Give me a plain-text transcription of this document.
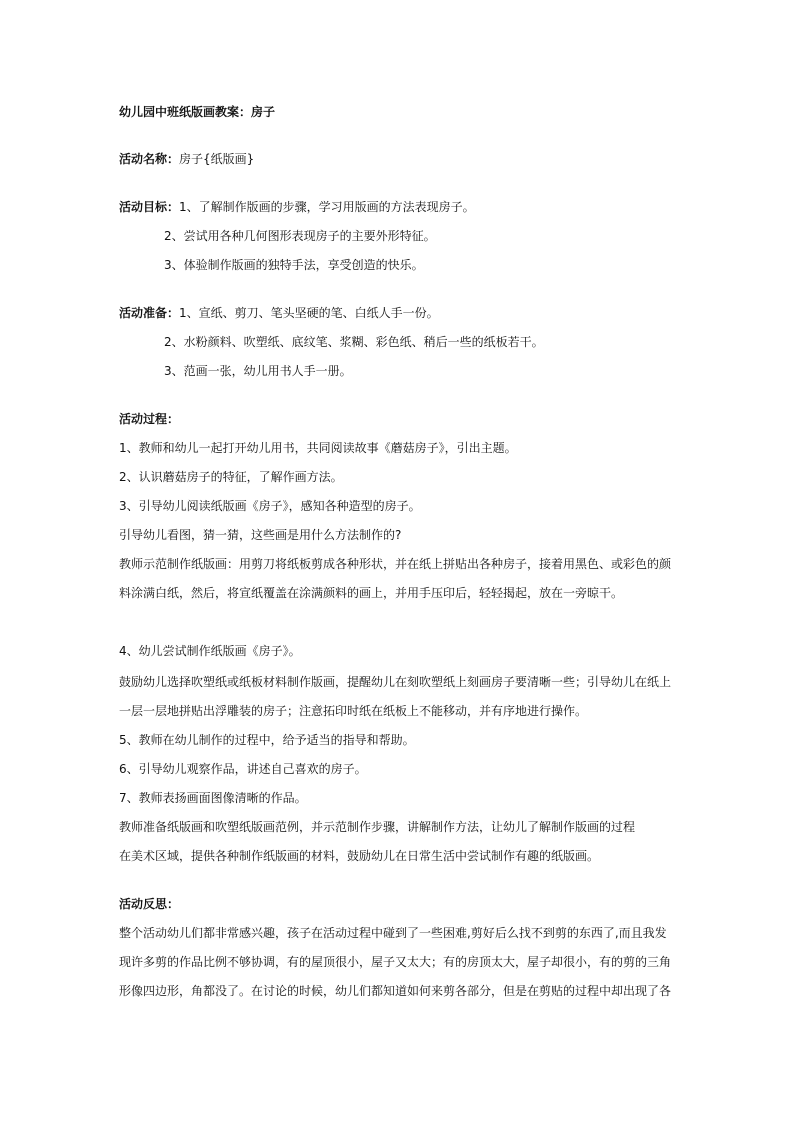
幼儿园中班纸版画教案：房子
活动名称：房子{纸版画}
活动目标：1、了解制作版画的步骤，学习用版画的方法表现房子。
2、尝试用各种几何图形表现房子的主要外形特征。
3、体验制作版画的独特手法，享受创造的快乐。
活动准备：1、宣纸、剪刀、笔头坚硬的笔、白纸人手一份。
2、水粉颜料、吹塑纸、底纹笔、浆糊、彩色纸、稍后一些的纸板若干。
3、范画一张，幼儿用书人手一册。
活动过程：
1、教师和幼儿一起打开幼儿用书，共同阅读故事《蘑菇房子》，引出主题。
2、认识蘑菇房子的特征，了解作画方法。
3、引导幼儿阅读纸版画《房子》，感知各种造型的房子。
引导幼儿看图，猜一猜，这些画是用什么方法制作的?
教师示范制作纸版画：用剪刀将纸板剪成各种形状，并在纸上拼贴出各种房子，接着用黑色、或彩色的颜
料涂满白纸，然后，将宣纸覆盖在涂满颜料的画上，并用手压印后，轻轻揭起，放在一旁晾干。
4、幼儿尝试制作纸版画《房子》。
鼓励幼儿选择吹塑纸或纸板材料制作版画，提醒幼儿在刻吹塑纸上刻画房子要清晰一些；引导幼儿在纸上
一层一层地拼贴出浮雕装的房子；注意拓印时纸在纸板上不能移动，并有序地进行操作。
5、教师在幼儿制作的过程中，给予适当的指导和帮助。
6、引导幼儿观察作品，讲述自己喜欢的房子。
7、教师表扬画面图像清晰的作品。
教师准备纸版画和吹塑纸版画范例，并示范制作步骤，讲解制作方法，让幼儿了解制作版画的过程
在美术区域，提供各种制作纸版画的材料，鼓励幼儿在日常生活中尝试制作有趣的纸版画。
活动反思：
整个活动幼儿们都非常感兴趣，孩子在活动过程中碰到了一些困难,剪好后么找不到剪的东西了,而且我发
现许多剪的作品比例不够协调，有的屋顶很小，屋子又太大；有的房顶太大，屋子却很小，有的剪的三角
形像四边形，角都没了。在讨论的时候，幼儿们都知道如何来剪各部分，但是在剪贴的过程中却出现了各
